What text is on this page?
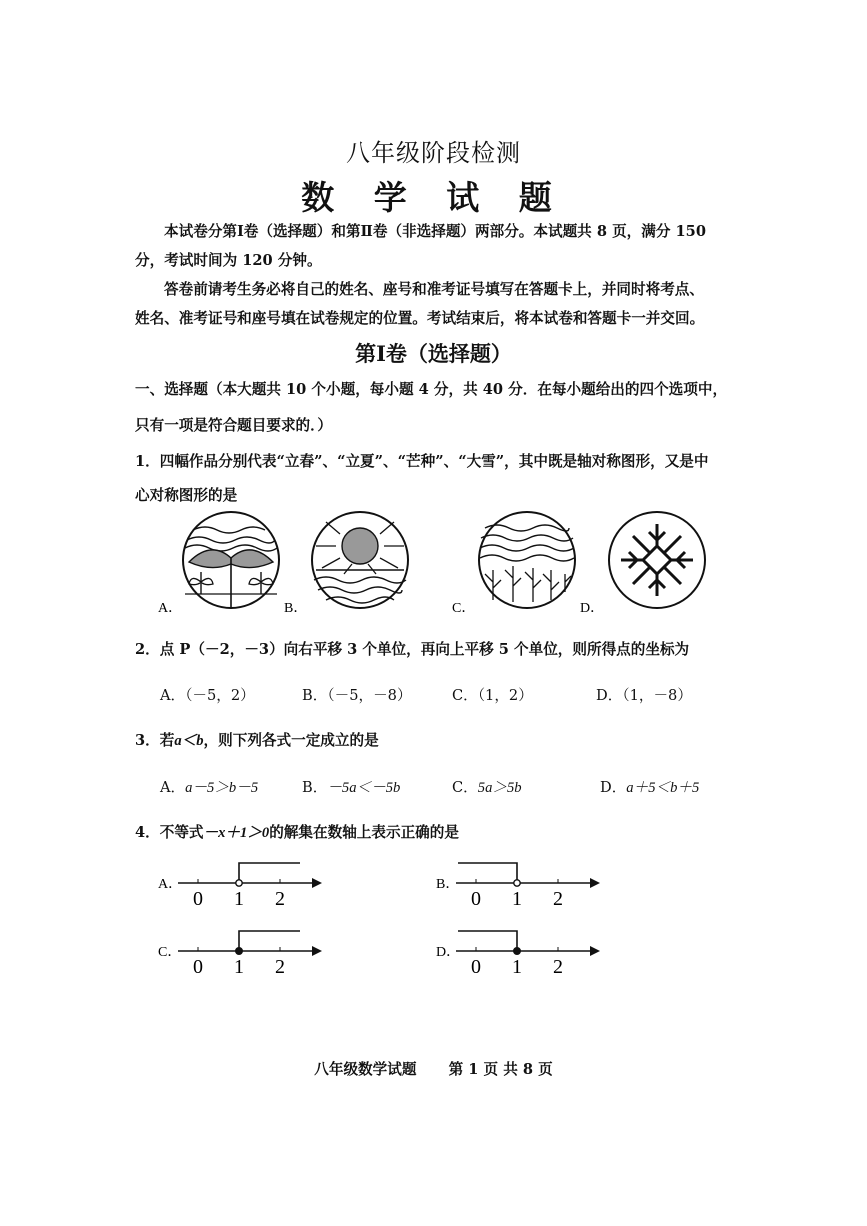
八年级阶段检测
数 学 试 题
本试卷分第Ⅰ卷（选择题）和第Ⅱ卷（非选择题）两部分。本试题共 8 页，满分 150
分，考试时间为 120 分钟。
答卷前请考生务必将自己的姓名、座号和准考证号填写在答题卡上，并同时将考点、
姓名、准考证号和座号填在试卷规定的位置。考试结束后，将本试卷和答题卡一并交回。
第Ⅰ卷（选择题）
一、选择题（本大题共 10 个小题，每小题 4 分，共 40 分．在每小题给出的四个选项中，
只有一项是符合题目要求的．）
1．四幅作品分别代表“立春”、“立夏”、“芒种”、“大雪”，其中既是轴对称图形，又是中
心对称图形的是
A．	B．	C．	D．
2．点 P（－2，－3）向右平移 3 个单位，再向上平移 5 个单位，则所得点的坐标为
A．（－5，2）	B．（－5，－8）	C．（1，2）	D．（1，－8）
3．若a＜b，则下列各式一定成立的是
A．a－5＞b－5	B．－5a＜－5b	C．5a＞5b	D．a＋5＜b＋5
4．不等式－x＋1＞0的解集在数轴上表示正确的是
A．
0 1 2
B．
0 1 2
C．
0 1 2
D．
0 1 2
八年级数学试题 第 1 页 共 8 页
